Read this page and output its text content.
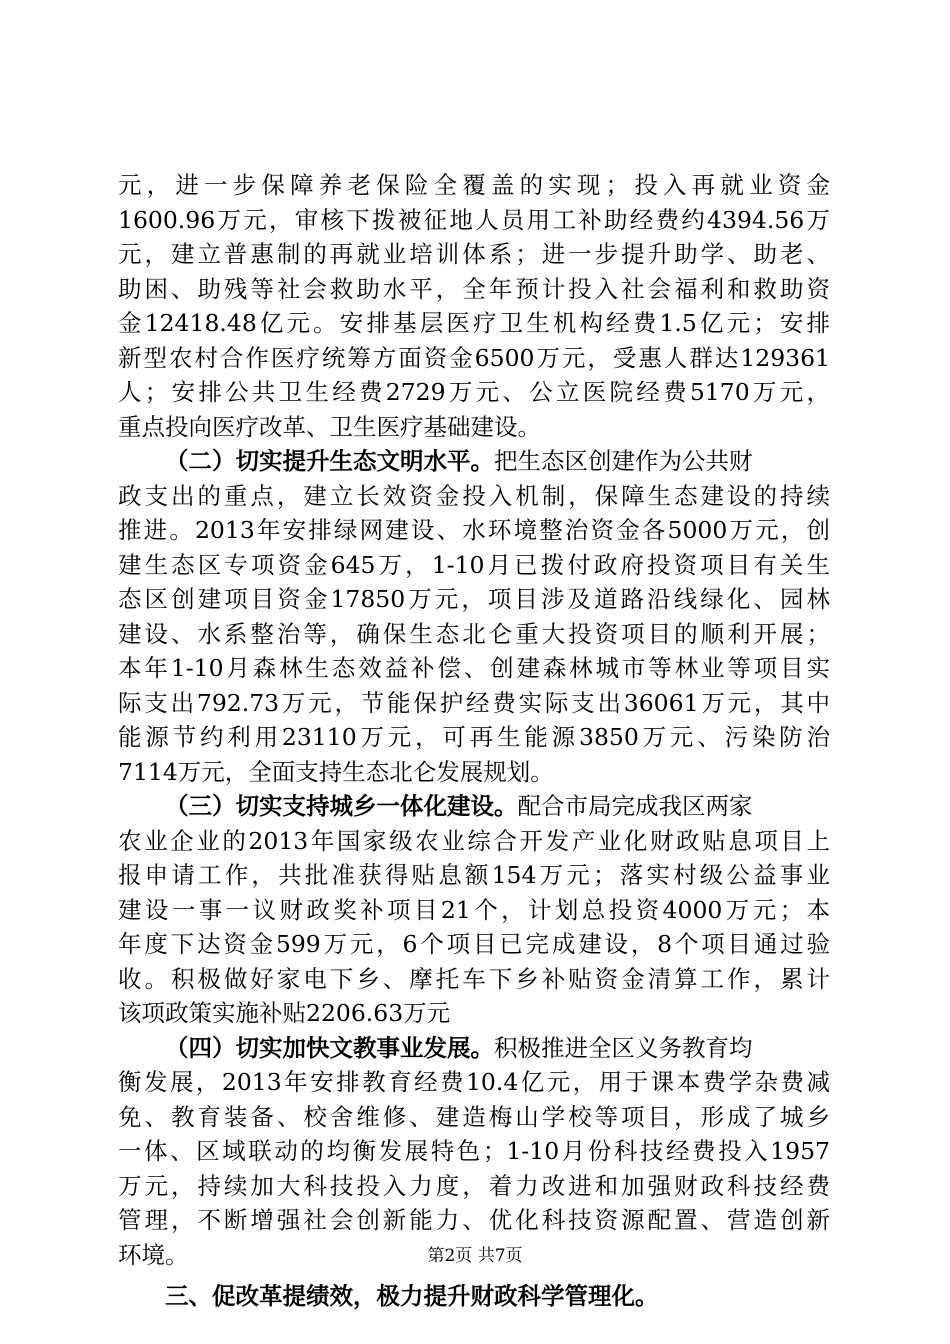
元，进一步保障养老保险全覆盖的实现；投入再就业资金
1600.96万元，审核下拨被征地人员用工补助经费约4394.56万
元，建立普惠制的再就业培训体系；进一步提升助学、助老、
助困、助残等社会救助水平，全年预计投入社会福利和救助资
金12418.48亿元。安排基层医疗卫生机构经费1.5亿元；安排
新型农村合作医疗统筹方面资金6500万元，受惠人群达129361
人；安排公共卫生经费2729万元、公立医院经费5170万元，
重点投向医疗改革、卫生医疗基础建设。
（二）切实提升生态文明水平。把生态区创建作为公共财
政支出的重点，建立长效资金投入机制，保障生态建设的持续
推进。2013年安排绿网建设、水环境整治资金各5000万元，创
建生态区专项资金645万，1-10月已拨付政府投资项目有关生
态区创建项目资金17850万元，项目涉及道路沿线绿化、园林
建设、水系整治等，确保生态北仑重大投资项目的顺利开展；
本年1-10月森林生态效益补偿、创建森林城市等林业等项目实
际支出792.73万元，节能保护经费实际支出36061万元，其中
能源节约利用23110万元，可再生能源3850万元、污染防治
7114万元，全面支持生态北仑发展规划。
（三）切实支持城乡一体化建设。配合市局完成我区两家
农业企业的2013年国家级农业综合开发产业化财政贴息项目上
报申请工作，共批准获得贴息额154万元；落实村级公益事业
建设一事一议财政奖补项目21个，计划总投资4000万元；本
年度下达资金599万元，6个项目已完成建设，8个项目通过验
收。积极做好家电下乡、摩托车下乡补贴资金清算工作，累计
该项政策实施补贴2206.63万元
（四）切实加快文教事业发展。积极推进全区义务教育均
衡发展，2013年安排教育经费10.4亿元，用于课本费学杂费减
免、教育装备、校舍维修、建造梅山学校等项目，形成了城乡
一体、区域联动的均衡发展特色；1-10月份科技经费投入1957
万元，持续加大科技投入力度，着力改进和加强财政科技经费
管理，不断增强社会创新能力、优化科技资源配置、营造创新
环境。
三、促改革提绩效，极力提升财政科学管理化。
第2页 共7页
